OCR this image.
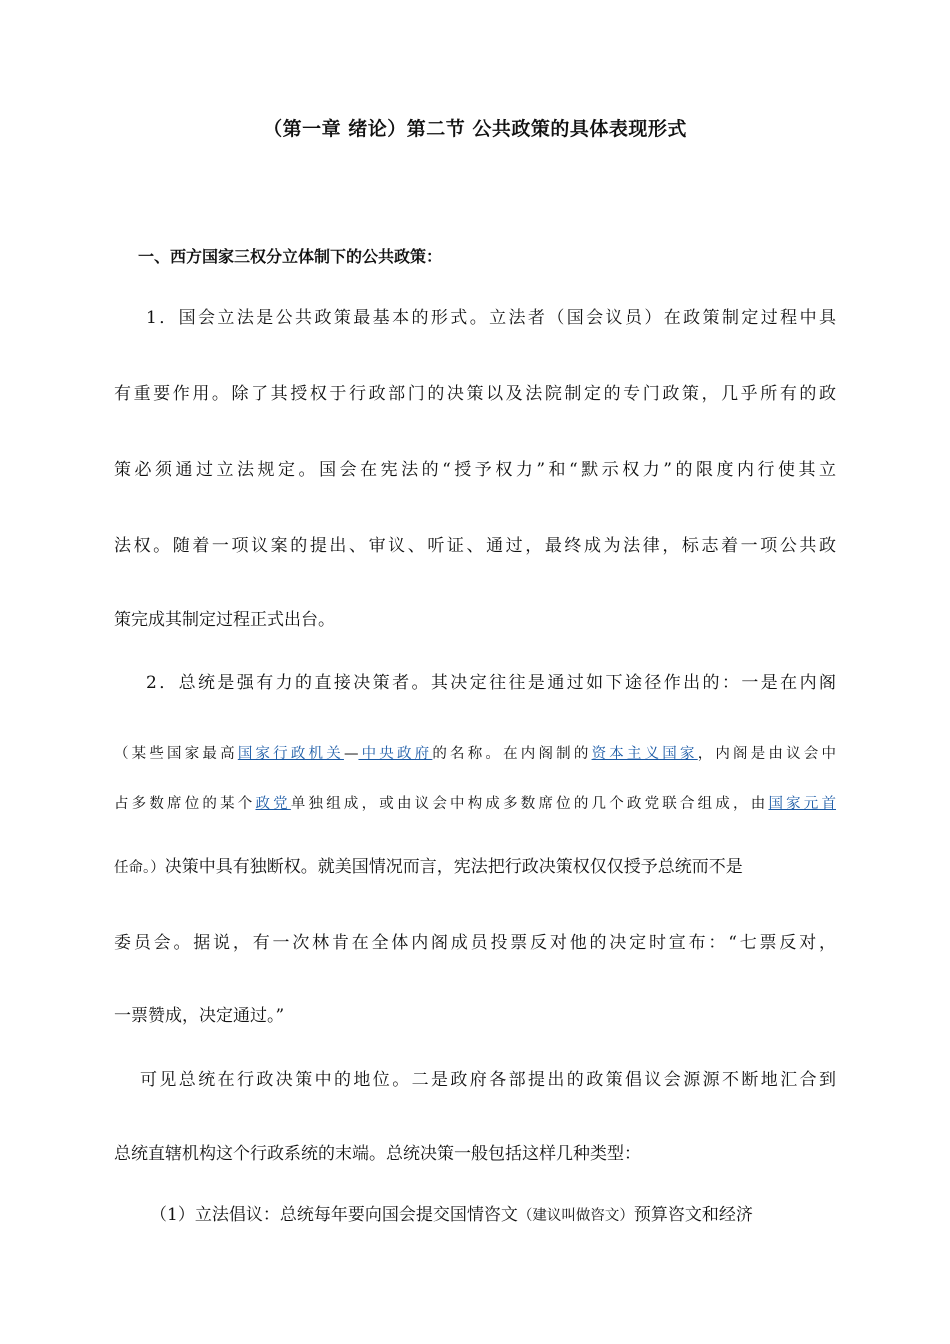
（第一章 绪论）第二节 公共政策的具体表现形式
一、西方国家三权分立体制下的公共政策：
1．国会立法是公共政策最基本的形式。立法者（国会议员）在政策制定过程中具
有重要作用。除了其授权于行政部门的决策以及法院制定的专门政策，几乎所有的政
策必须通过立法规定。国会在宪法的“授予权力”和“默示权力”的限度内行使其立
法权。随着一项议案的提出、审议、听证、通过，最终成为法律，标志着一项公共政
策完成其制定过程正式出台。
2．总统是强有力的直接决策者。其决定往往是通过如下途径作出的：一是在内阁
（某些国家最高国家行政机关—中央政府的名称。在内阁制的资本主义国家，内阁是由议会中
占多数席位的某个政党单独组成，或由议会中构成多数席位的几个政党联合组成，由国家元首
任命。）决策中具有独断权。就美国情况而言，宪法把行政决策权仅仅授予总统而不是
委员会。据说，有一次林肯在全体内阁成员投票反对他的决定时宣布：“七票反对，
一票赞成，决定通过。”
可见总统在行政决策中的地位。二是政府各部提出的政策倡议会源源不断地汇合到
总统直辖机构这个行政系统的末端。总统决策一般包括这样几种类型：
（1）立法倡议：总统每年要向国会提交国情咨文（建议叫做咨文）预算咨文和经济
